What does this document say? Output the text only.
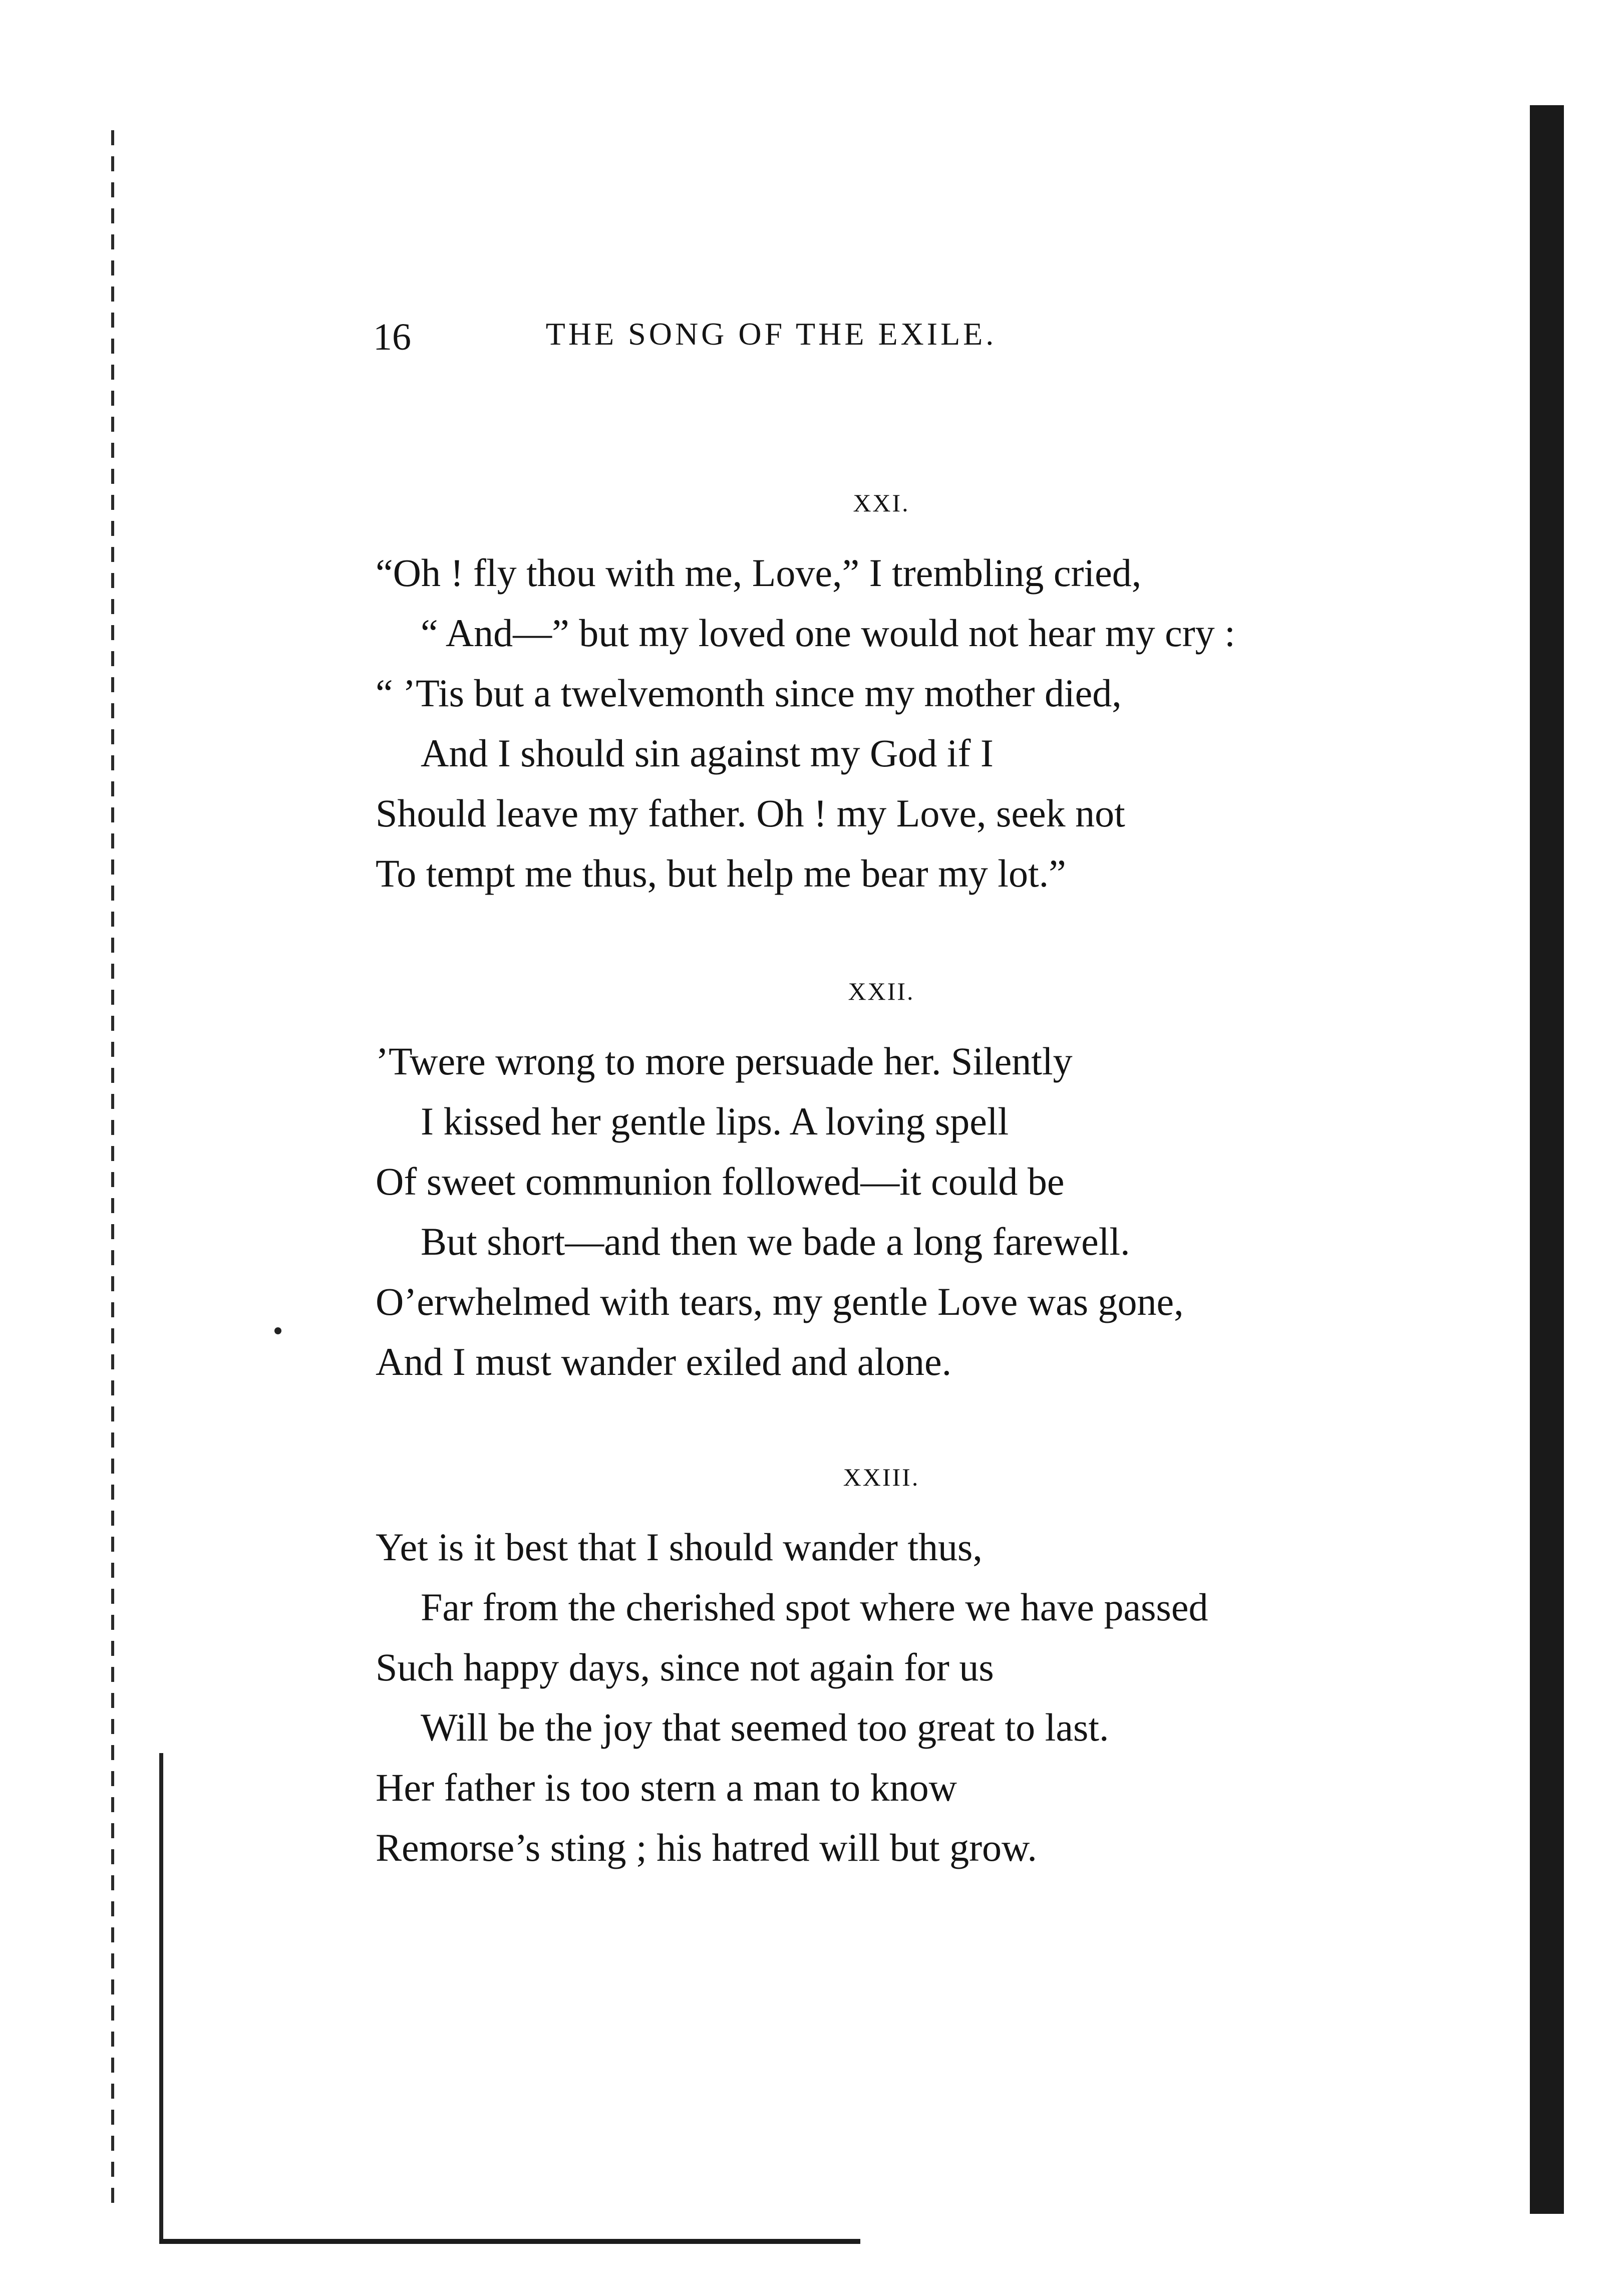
16	THE SONG OF THE EXILE.
XXI.
“Oh ! fly thou with me, Love,” I trembling cried,
“ And—” but my loved one would not hear my cry :
“ ’Tis but a twelvemonth since my mother died,
And I should sin against my God if I
Should leave my father. Oh ! my Love, seek not
To tempt me thus, but help me bear my lot.”
XXII.
’Twere wrong to more persuade her. Silently
I kissed her gentle lips. A loving spell
Of sweet communion followed—it could be
But short—and then we bade a long farewell.
O’erwhelmed with tears, my gentle Love was gone,
And I must wander exiled and alone.
XXIII.
Yet is it best that I should wander thus,
Far from the cherished spot where we have passed
Such happy days, since not again for us
Will be the joy that seemed too great to last.
Her father is too stern a man to know
Remorse’s sting ; his hatred will but grow.
